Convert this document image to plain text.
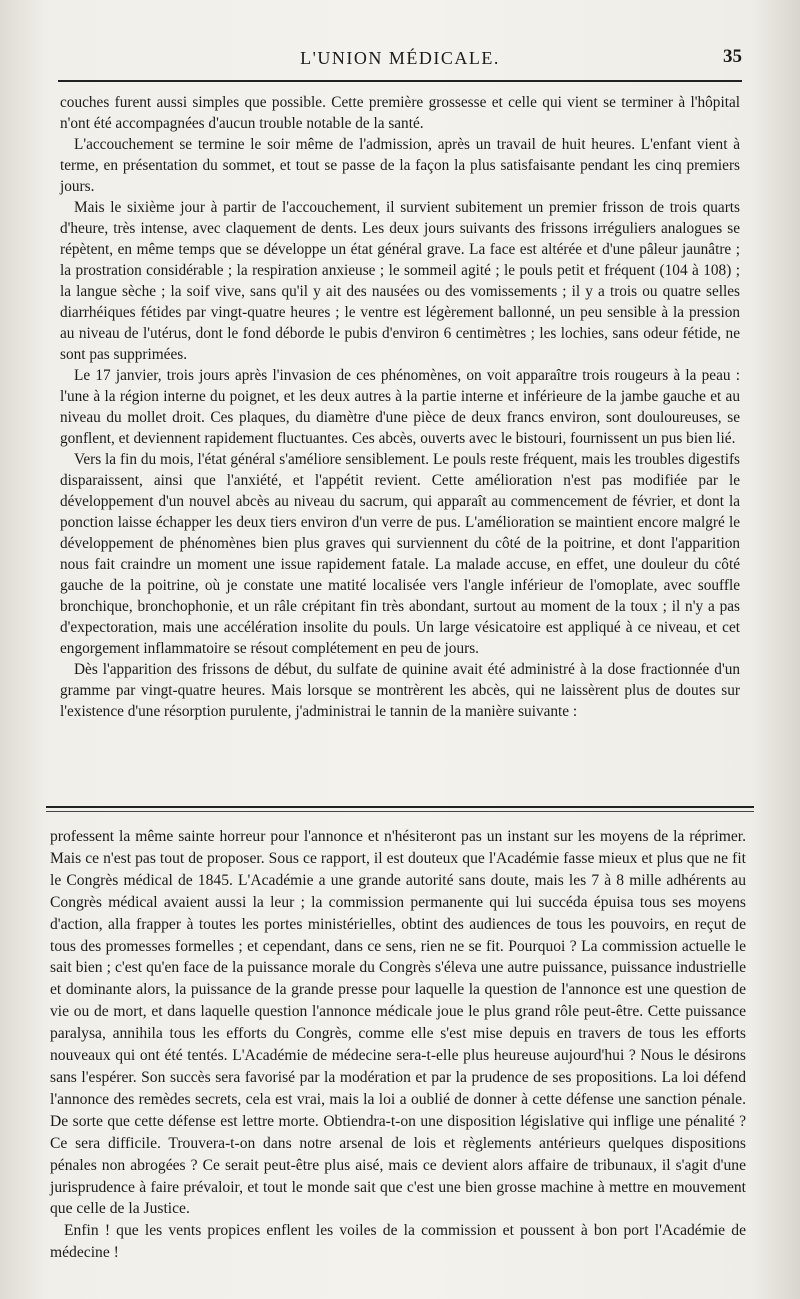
L'UNION MÉDICALE.	35

couches furent aussi simples que possible. Cette première grossesse et celle qui vient se terminer à l'hôpital n'ont été accompagnées d'aucun trouble notable de la santé.

L'accouchement se termine le soir même de l'admission, après un travail de huit heures. L'enfant vient à terme, en présentation du sommet, et tout se passe de la façon la plus satisfaisante pendant les cinq premiers jours.

Mais le sixième jour à partir de l'accouchement, il survient subitement un premier frisson de trois quarts d'heure, très intense, avec claquement de dents. Les deux jours suivants des frissons irréguliers analogues se répètent, en même temps que se développe un état général grave. La face est altérée et d'une pâleur jaunâtre ; la prostration considérable ; la respiration anxieuse ; le sommeil agité ; le pouls petit et fréquent (104 à 108) ; la langue sèche ; la soif vive, sans qu'il y ait des nausées ou des vomissements ; il y a trois ou quatre selles diarrhéiques fétides par vingt-quatre heures ; le ventre est légèrement ballonné, un peu sensible à la pression au niveau de l'utérus, dont le fond déborde le pubis d'environ 6 centimètres ; les lochies, sans odeur fétide, ne sont pas supprimées.

Le 17 janvier, trois jours après l'invasion de ces phénomènes, on voit apparaître trois rougeurs à la peau : l'une à la région interne du poignet, et les deux autres à la partie interne et inférieure de la jambe gauche et au niveau du mollet droit. Ces plaques, du diamètre d'une pièce de deux francs environ, sont douloureuses, se gonflent, et deviennent rapidement fluctuantes. Ces abcès, ouverts avec le bistouri, fournissent un pus bien lié.

Vers la fin du mois, l'état général s'améliore sensiblement. Le pouls reste fréquent, mais les troubles digestifs disparaissent, ainsi que l'anxiété, et l'appétit revient. Cette amélioration n'est pas modifiée par le développement d'un nouvel abcès au niveau du sacrum, qui apparaît au commencement de février, et dont la ponction laisse échapper les deux tiers environ d'un verre de pus. L'amélioration se maintient encore malgré le développement de phénomènes bien plus graves qui surviennent du côté de la poitrine, et dont l'apparition nous fait craindre un moment une issue rapidement fatale. La malade accuse, en effet, une douleur du côté gauche de la poitrine, où je constate une matité localisée vers l'angle inférieur de l'omoplate, avec souffle bronchique, bronchophonie, et un râle crépitant fin très abondant, surtout au moment de la toux ; il n'y a pas d'expectoration, mais une accélération insolite du pouls. Un large vésicatoire est appliqué à ce niveau, et cet engorgement inflammatoire se résout complétement en peu de jours.

Dès l'apparition des frissons de début, du sulfate de quinine avait été administré à la dose fractionnée d'un gramme par vingt-quatre heures. Mais lorsque se montrèrent les abcès, qui ne laissèrent plus de doutes sur l'existence d'une résorption purulente, j'administrai le tannin de la manière suivante :

professent la même sainte horreur pour l'annonce et n'hésiteront pas un instant sur les moyens de la réprimer. Mais ce n'est pas tout de proposer. Sous ce rapport, il est douteux que l'Académie fasse mieux et plus que ne fit le Congrès médical de 1845. L'Académie a une grande autorité sans doute, mais les 7 à 8 mille adhérents au Congrès médical avaient aussi la leur ; la commission permanente qui lui succéda épuisa tous ses moyens d'action, alla frapper à toutes les portes ministérielles, obtint des audiences de tous les pouvoirs, en reçut de tous des promesses formelles ; et cependant, dans ce sens, rien ne se fit. Pourquoi ? La commission actuelle le sait bien ; c'est qu'en face de la puissance morale du Congrès s'éleva une autre puissance, puissance industrielle et dominante alors, la puissance de la grande presse pour laquelle la question de l'annonce est une question de vie ou de mort, et dans laquelle question l'annonce médicale joue le plus grand rôle peut-être. Cette puissance paralysa, annihila tous les efforts du Congrès, comme elle s'est mise depuis en travers de tous les efforts nouveaux qui ont été tentés. L'Académie de médecine sera-t-elle plus heureuse aujourd'hui ? Nous le désirons sans l'espérer. Son succès sera favorisé par la modération et par la prudence de ses propositions. La loi défend l'annonce des remèdes secrets, cela est vrai, mais la loi a oublié de donner à cette défense une sanction pénale. De sorte que cette défense est lettre morte. Obtiendra-t-on une disposition législative qui inflige une pénalité ? Ce sera difficile. Trouvera-t-on dans notre arsenal de lois et règlements antérieurs quelques dispositions pénales non abrogées ? Ce serait peut-être plus aisé, mais ce devient alors affaire de tribunaux, il s'agit d'une jurisprudence à faire prévaloir, et tout le monde sait que c'est une bien grosse machine à mettre en mouvement que celle de la Justice.

Enfin ! que les vents propices enflent les voiles de la commission et poussent à bon port l'Académie de médecine !
